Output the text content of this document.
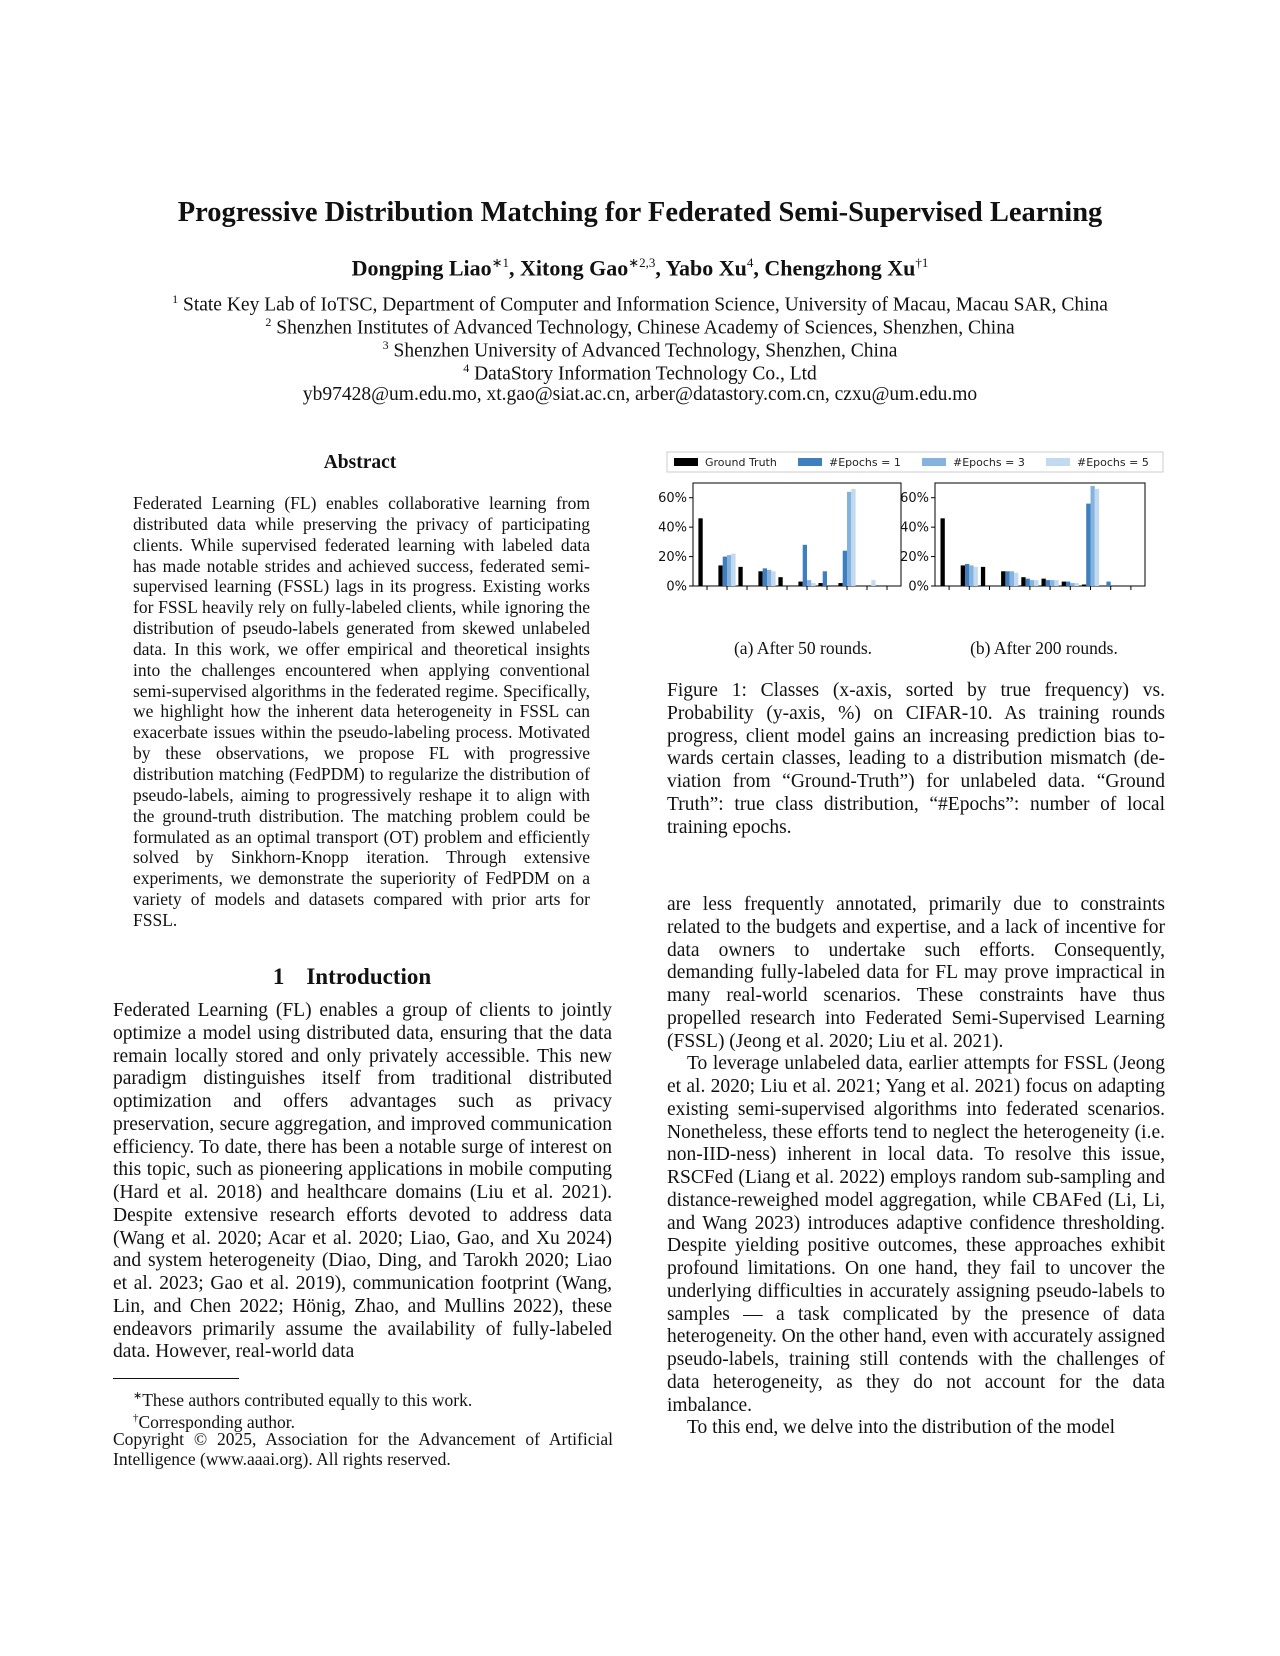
Progressive Distribution Matching for Federated Semi-Supervised Learning
Dongping Liao$^{∗1}$, Xitong Gao$^{∗2,3}$, Yabo Xu$^4$, Chengzhong Xu$^{\dagger 1}$
$^1$ State Key Lab of IoTSC, Department of Computer and Information Science, University of Macau, Macau SAR, China
$^2$ Shenzhen Institutes of Advanced Technology, Chinese Academy of Sciences, Shenzhen, China
$^3$ Shenzhen University of Advanced Technology, Shenzhen, China
$^4$ DataStory Information Technology Co., Ltd
yb97428@um.edu.mo, xt.gao@siat.ac.cn, arber@datastory.com.cn, czxu@um.edu.mo
Abstract
Federated Learning (FL) enables collaborative learning from distributed data while preserving the privacy of participating clients. While supervised federated learning with labeled data has made notable strides and achieved success, federated semi-supervised learning (FSSL) lags in its progress. Existing works for FSSL heavily rely on fully-labeled clients, while ignoring the distribution of pseudo-labels generated from skewed unlabeled data. In this work, we offer empirical and theoretical insights into the challenges encountered when applying conventional semi-supervised algorithms in the federated regime. Specifically, we highlight how the inherent data heterogeneity in FSSL can exacerbate issues within the pseudo-labeling process. Motivated by these observations, we propose FL with progressive distribution matching (FedPDM) to regularize the distribution of pseudo-labels, aiming to progressively reshape it to align with the ground-truth distribution. The matching problem could be formulated as an optimal transport (OT) problem and efficiently solved by Sinkhorn-Knopp iteration. Through extensive experiments, we demonstrate the superiority of FedPDM on a variety of models and datasets compared with prior arts for FSSL.
1 Introduction
Federated Learning (FL) enables a group of clients to jointly optimize a model using distributed data, ensuring that the data remain locally stored and only privately accessible. This new paradigm distinguishes itself from traditional distributed optimization and offers advantages such as privacy preservation, secure aggregation, and improved communication efficiency. To date, there has been a notable surge of interest on this topic, such as pioneering applications in mobile computing (Hard et al. 2018) and healthcare domains (Liu et al. 2021). Despite extensive research efforts devoted to address data (Wang et al. 2020; Acar et al. 2020; Liao, Gao, and Xu 2024) and system heterogeneity (Diao, Ding, and Tarokh 2020; Liao et al. 2023; Gao et al. 2019), communication footprint (Wang, Lin, and Chen 2022; Hönig, Zhao, and Mullins 2022), these endeavors primarily assume the availability of fully-labeled data. However, real-world data
∗These authors contributed equally to this work.
†Corresponding author.
Copyright © 2025, Association for the Advancement of Artificial Intelligence (www.aaai.org). All rights reserved.
Ground Truth	#Epochs = 1	#Epochs = 3	#Epochs = 5
0%
20%
40%
60%
0%
20%
40%
60%
(a) After 50 rounds.	(b) After 200 rounds.
Figure 1: Classes (x-axis, sorted by true frequency) vs. Probability (y-axis, %) on CIFAR-10. As training rounds progress, client model gains an increasing prediction bias towards certain classes, leading to a distribution mismatch (deviation from “Ground-Truth”) for unlabeled data. “Ground Truth”: true class distribution, “#Epochs”: number of local training epochs.

are less frequently annotated, primarily due to constraints related to the budgets and expertise, and a lack of incentive for data owners to undertake such efforts. Consequently, demanding fully-labeled data for FL may prove impractical in many real-world scenarios. These constraints have thus propelled research into Federated Semi-Supervised Learning (FSSL) (Jeong et al. 2020; Liu et al. 2021).

To leverage unlabeled data, earlier attempts for FSSL (Jeong et al. 2020; Liu et al. 2021; Yang et al. 2021) focus on adapting existing semi-supervised algorithms into federated scenarios. Nonetheless, these efforts tend to neglect the heterogeneity (i.e. non-IID-ness) inherent in local data. To resolve this issue, RSCFed (Liang et al. 2022) employs random sub-sampling and distance-reweighed model aggregation, while CBAFed (Li, Li, and Wang 2023) introduces adaptive confidence thresholding. Despite yielding positive outcomes, these approaches exhibit profound limitations. On one hand, they fail to uncover the underlying difficulties in accurately assigning pseudo-labels to samples — a task complicated by the presence of data heterogeneity. On the other hand, even with accurately assigned pseudo-labels, training still contends with the challenges of data heterogeneity, as they do not account for the data imbalance.

To this end, we delve into the distribution of the model
